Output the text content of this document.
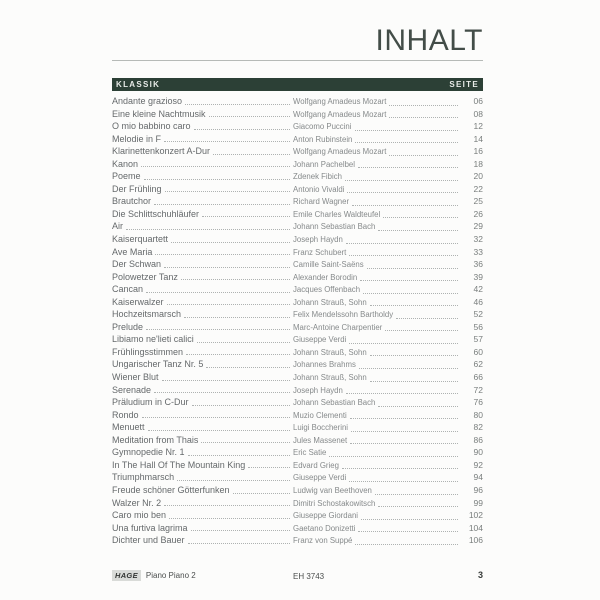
INHALT
KLASSIK	SEITE
Andante grazioso	Wolfgang Amadeus Mozart	06
Eine kleine Nachtmusik	Wolfgang Amadeus Mozart	08
O mio babbino caro	Giacomo Puccini	12
Melodie in F	Anton Rubinstein	14
Klarinettenkonzert A-Dur	Wolfgang Amadeus Mozart	16
Kanon	Johann Pachelbel	18
Poeme	Zdenek Fibich	20
Der Frühling	Antonio Vivaldi	22
Brautchor	Richard Wagner	25
Die Schlittschuhläufer	Emile Charles Waldteufel	26
Air	Johann Sebastian Bach	29
Kaiserquartett	Joseph Haydn	32
Ave Maria	Franz Schubert	33
Der Schwan	Camille Saint-Saëns	36
Polowetzer Tanz	Alexander Borodin	39
Cancan	Jacques Offenbach	42
Kaiserwalzer	Johann Strauß, Sohn	46
Hochzeitsmarsch	Felix Mendelssohn Bartholdy	52
Prelude	Marc-Antoine Charpentier	56
Libiamo ne'lieti calici	Giuseppe Verdi	57
Frühlingsstimmen	Johann Strauß, Sohn	60
Ungarischer Tanz Nr. 5	Johannes Brahms	62
Wiener Blut	Johann Strauß, Sohn	66
Serenade	Joseph Haydn	72
Präludium in C-Dur	Johann Sebastian Bach	76
Rondo	Muzio Clementi	80
Menuett	Luigi Boccherini	82
Meditation from Thais	Jules Massenet	86
Gymnopedie Nr. 1	Eric Satie	90
In The Hall Of The Mountain King	Edvard Grieg	92
Triumphmarsch	Giuseppe Verdi	94
Freude schöner Götterfunken	Ludwig van Beethoven	96
Walzer Nr. 2	Dimitri Schostakowitsch	99
Caro mio ben	Giuseppe Giordani	102
Una furtiva lagrima	Gaetano Donizetti	104
Dichter und Bauer	Franz von Suppé	106
HAGE	Piano Piano 2	EH 3743	3
